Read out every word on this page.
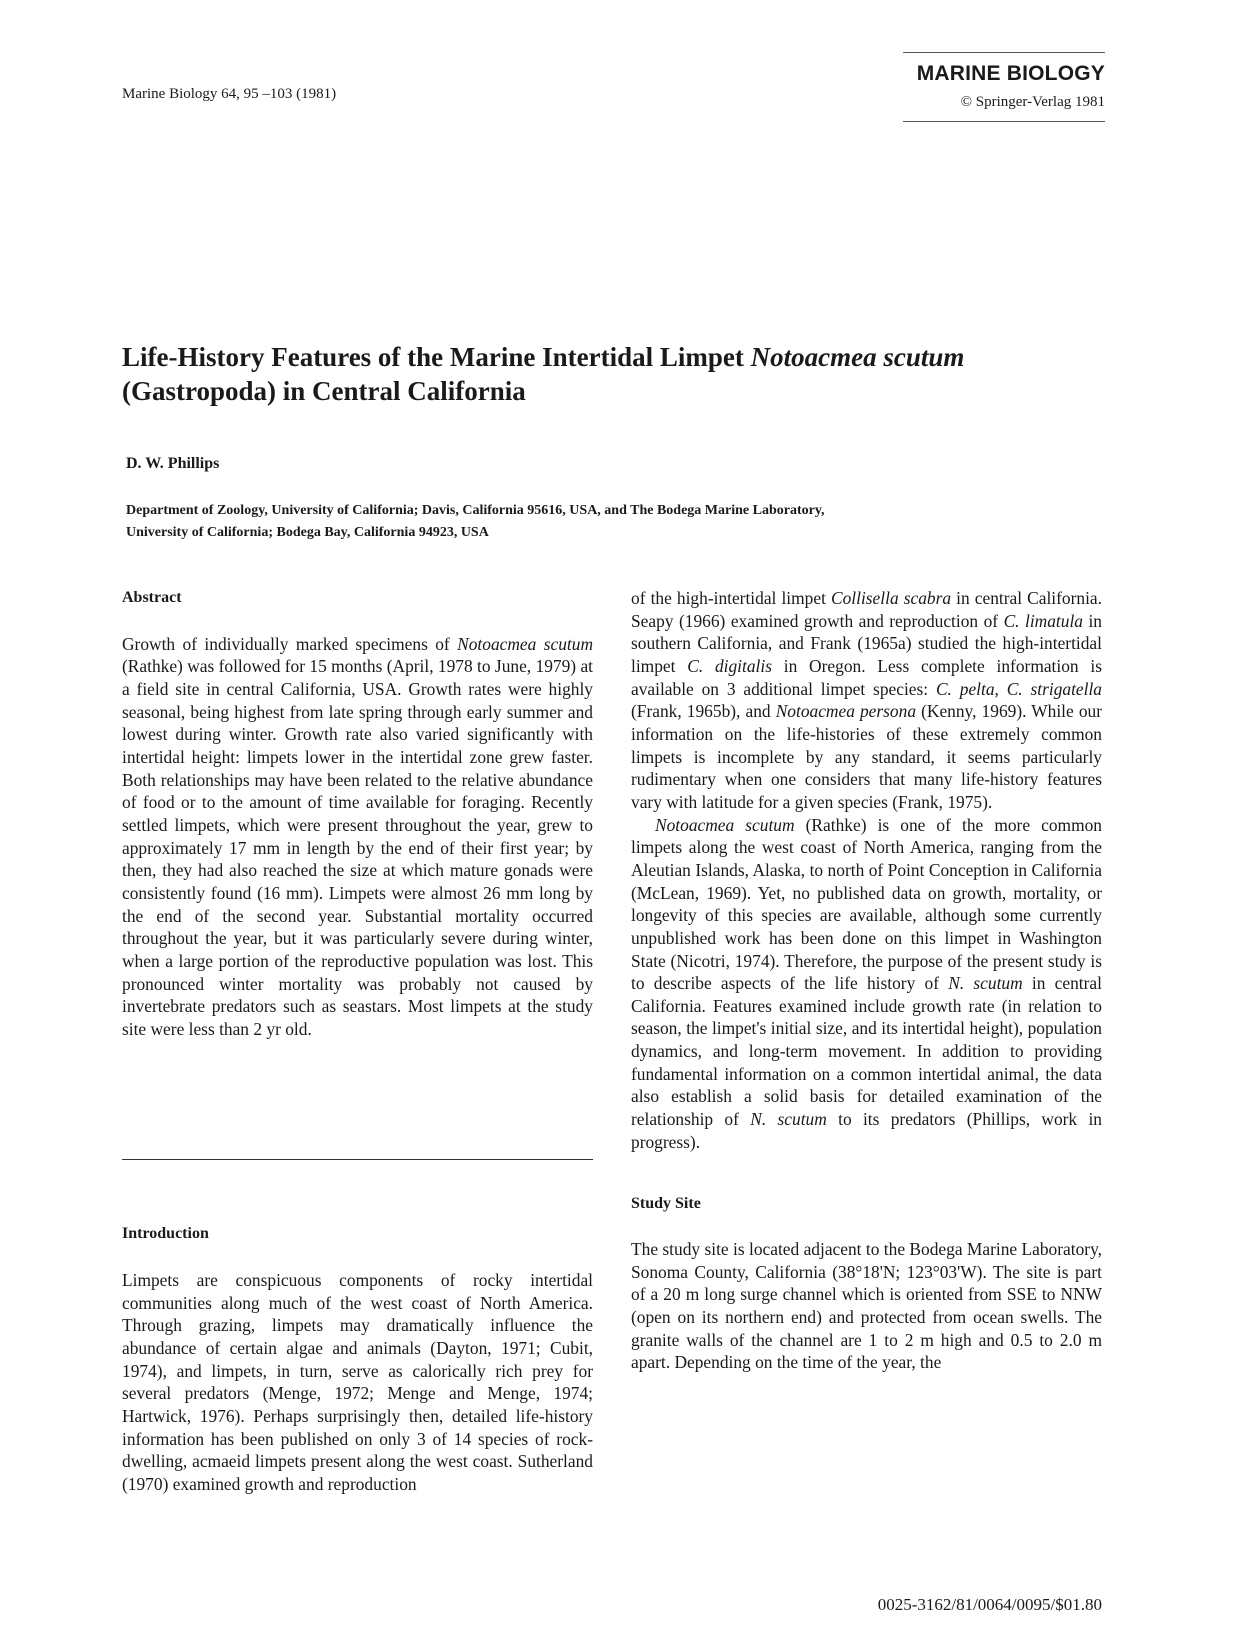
Marine Biology 64, 95 –103 (1981)
MARINE BIOLOGY
© Springer-Verlag 1981
Life-History Features of the Marine Intertidal Limpet Notoacmea scutum
(Gastropoda) in Central California
D. W. Phillips
Department of Zoology, University of California; Davis, California 95616, USA, and The Bodega Marine Laboratory,
University of California; Bodega Bay, California 94923, USA

Abstract

Growth of individually marked specimens of Notoacmea scutum (Rathke) was followed for 15 months (April, 1978 to June, 1979) at a field site in central California, USA. Growth rates were highly seasonal, being highest from late spring through early summer and lowest during winter. Growth rate also varied significantly with intertidal height: limpets lower in the intertidal zone grew faster. Both relationships may have been related to the relative abundance of food or to the amount of time available for foraging. Recently settled limpets, which were present throughout the year, grew to approximately 17 mm in length by the end of their first year; by then, they had also reached the size at which mature gonads were consistently found (16 mm). Limpets were almost 26 mm long by the end of the second year. Substantial mortality occurred throughout the year, but it was particularly severe during winter, when a large portion of the reproductive population was lost. This pronounced winter mortality was probably not caused by invertebrate predators such as seastars. Most limpets at the study site were less than 2 yr old.

Introduction

Limpets are conspicuous components of rocky intertidal communities along much of the west coast of North America. Through grazing, limpets may dramatically influence the abundance of certain algae and animals (Dayton, 1971; Cubit, 1974), and limpets, in turn, serve as calorically rich prey for several predators (Menge, 1972; Menge and Menge, 1974; Hartwick, 1976). Perhaps surprisingly then, detailed life-history information has been published on only 3 of 14 species of rock-dwelling, acmaeid limpets present along the west coast. Sutherland (1970) examined growth and reproduction

of the high-intertidal limpet Collisella scabra in central California. Seapy (1966) examined growth and reproduction of C. limatula in southern California, and Frank (1965a) studied the high-intertidal limpet C. digitalis in Oregon. Less complete information is available on 3 additional limpet species: C. pelta, C. strigatella (Frank, 1965b), and Notoacmea persona (Kenny, 1969). While our information on the life-histories of these extremely common limpets is incomplete by any standard, it seems particularly rudimentary when one considers that many life-history features vary with latitude for a given species (Frank, 1975).

Notoacmea scutum (Rathke) is one of the more common limpets along the west coast of North America, ranging from the Aleutian Islands, Alaska, to north of Point Conception in California (McLean, 1969). Yet, no published data on growth, mortality, or longevity of this species are available, although some currently unpublished work has been done on this limpet in Washington State (Nicotri, 1974). Therefore, the purpose of the present study is to describe aspects of the life history of N. scutum in central California. Features examined include growth rate (in relation to season, the limpet's initial size, and its intertidal height), population dynamics, and long-term movement. In addition to providing fundamental information on a common intertidal animal, the data also establish a solid basis for detailed examination of the relationship of N. scutum to its predators (Phillips, work in progress).

Study Site

The study site is located adjacent to the Bodega Marine Laboratory, Sonoma County, California (38°18'N; 123°03'W). The site is part of a 20 m long surge channel which is oriented from SSE to NNW (open on its northern end) and protected from ocean swells. The granite walls of the channel are 1 to 2 m high and 0.5 to 2.0 m apart. Depending on the time of the year, the

0025-3162/81/0064/0095/$01.80
